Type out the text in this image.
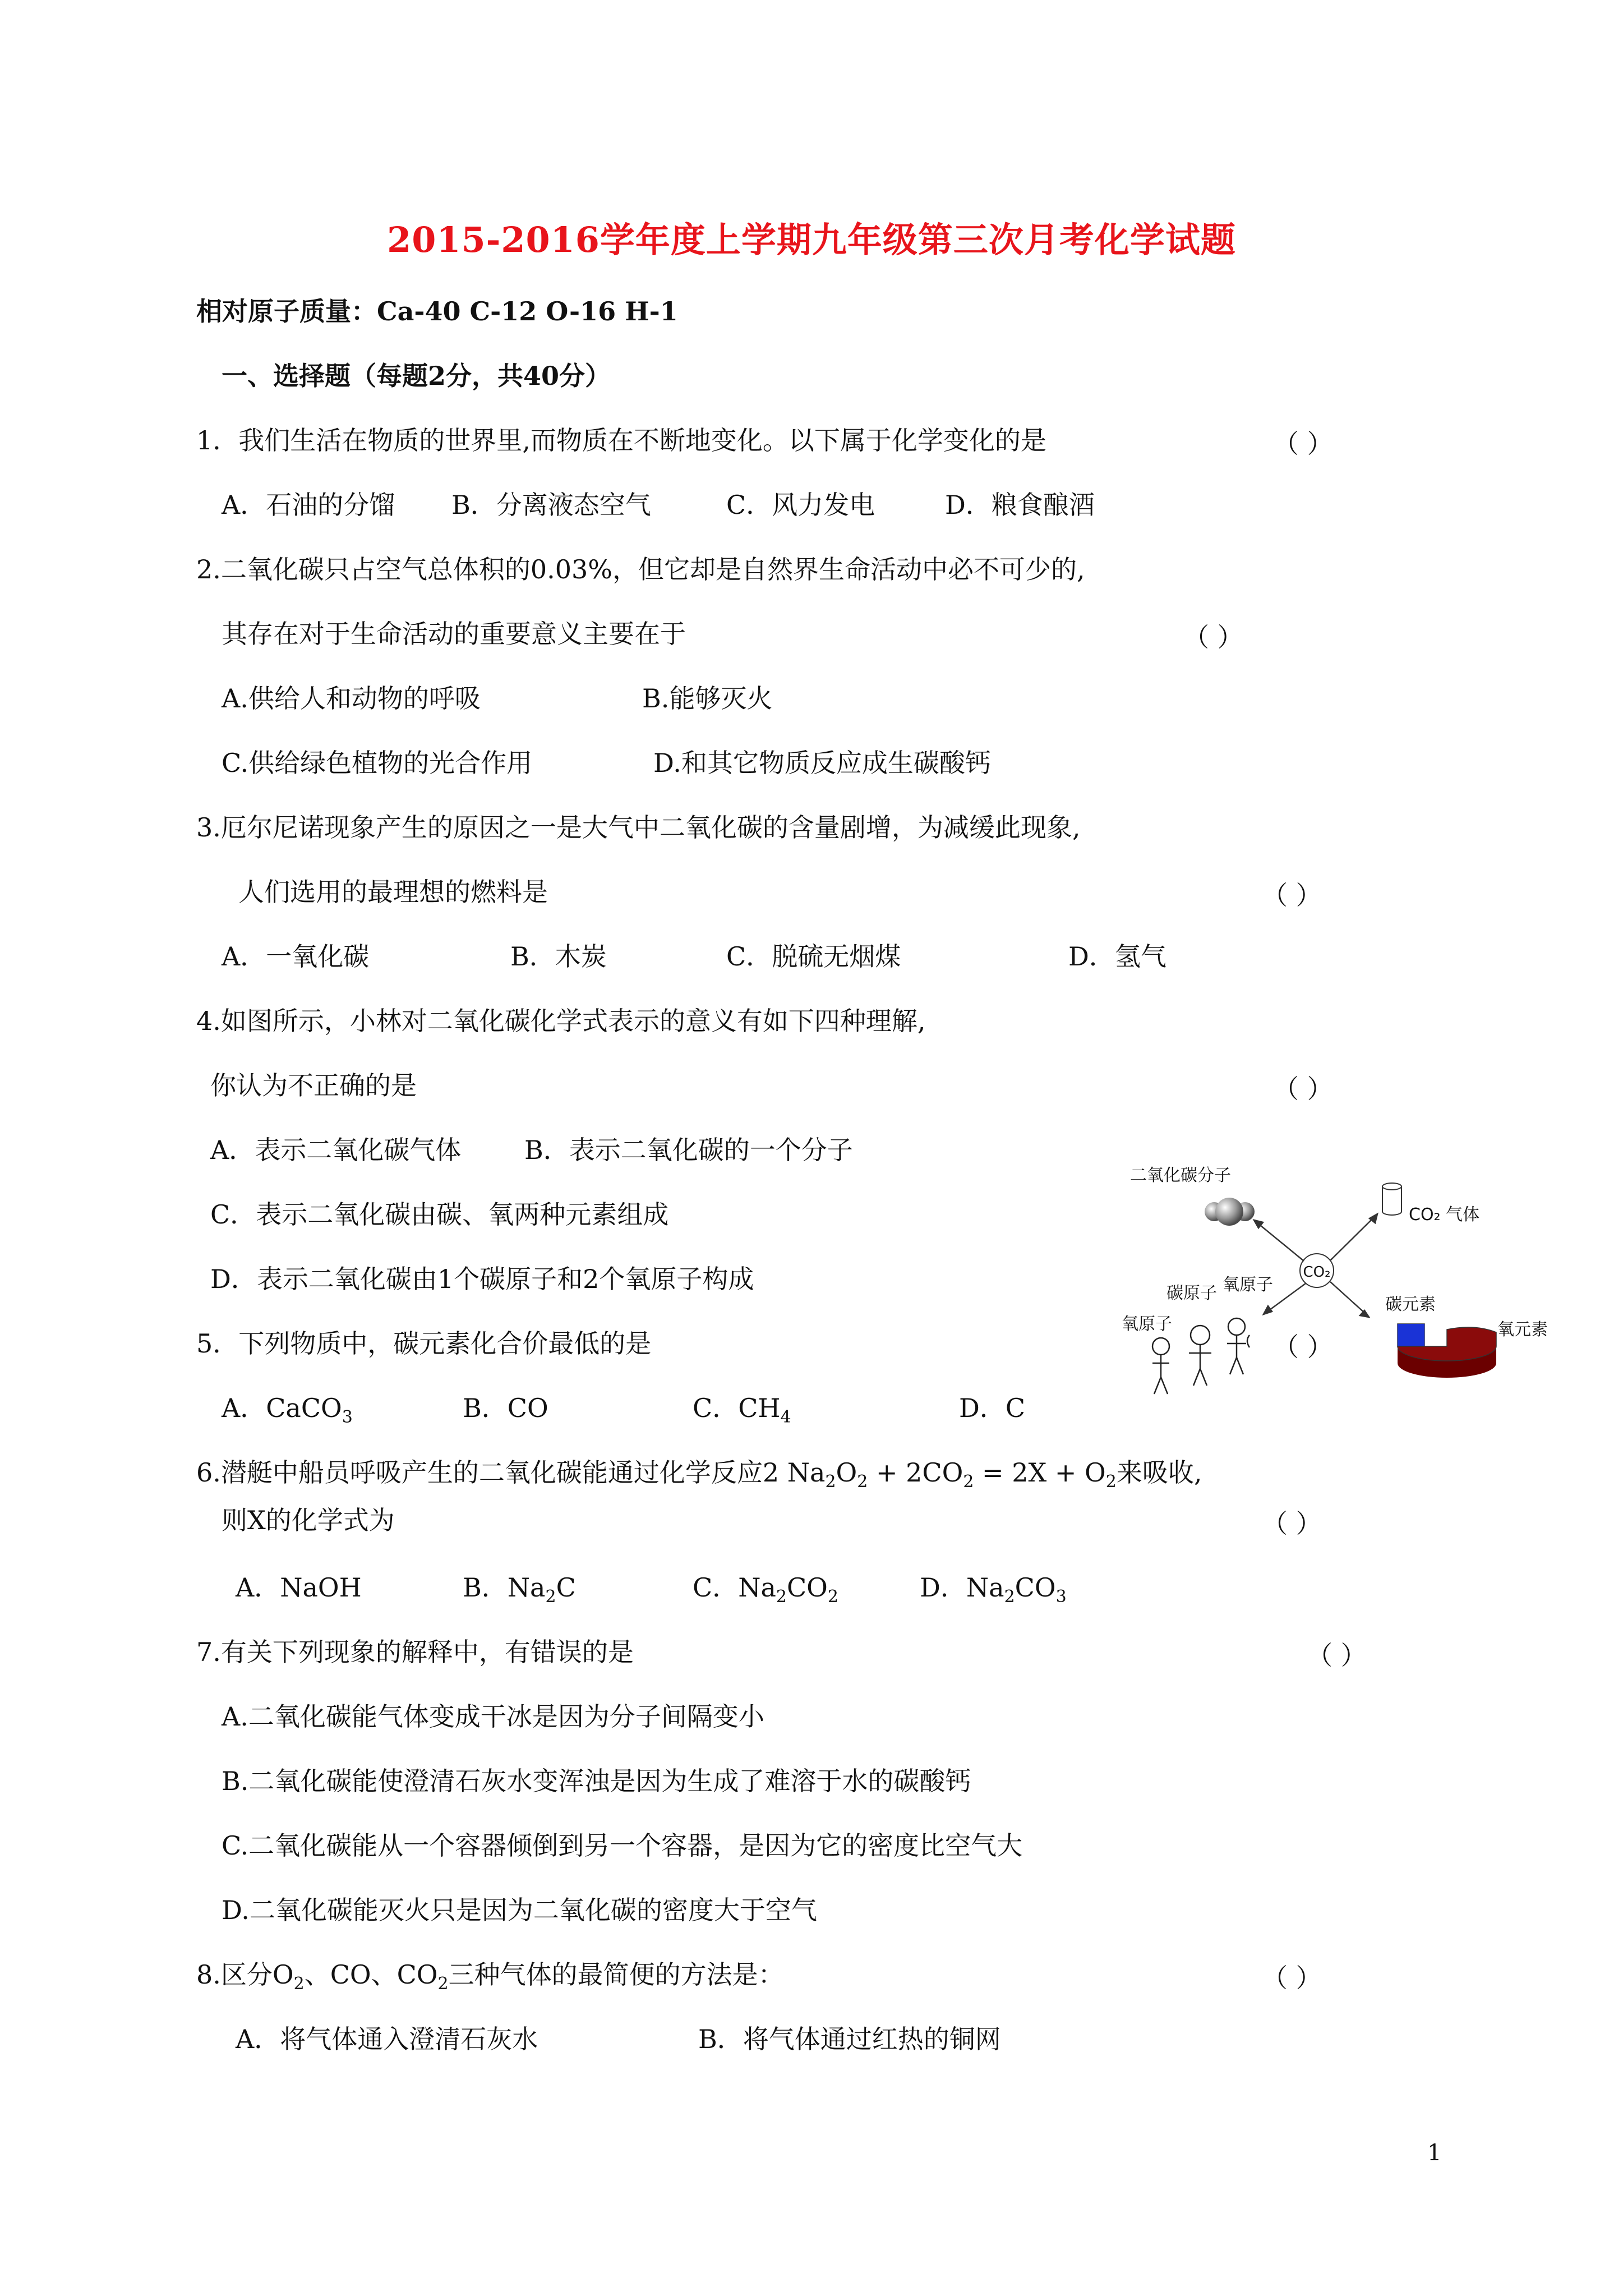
2015-2016学年度上学期九年级第三次月考化学试题
相对原子质量：Ca-40 C-12 O-16 H-1
一、选择题（每题2分，共40分）
1．我们生活在物质的世界里,而物质在不断地变化。以下属于化学变化的是	（ ）
A．石油的分馏 B．分离液态空气	C．风力发电	D．粮食酿酒
2.二氧化碳只占空气总体积的0.03%，但它却是自然界生命活动中必不可少的,
其存在对于生命活动的重要意义主要在于	（ ）
A.供给人和动物的呼吸	B.能够灭火
C.供给绿色植物的光合作用	D.和其它物质反应成生碳酸钙
3.厄尔尼诺现象产生的原因之一是大气中二氧化碳的含量剧增，为减缓此现象,
人们选用的最理想的燃料是	（ ）
A．一氧化碳	B．木炭	C．脱硫无烟煤	D．氢气
4.如图所示，小林对二氧化碳化学式表示的意义有如下四种理解,
你认为不正确的是	（ ）
A．表示二氧化碳气体 B．表示二氧化碳的一个分子
C．表示二氧化碳由碳、氧两种元素组成
D．表示二氧化碳由1个碳原子和2个氧原子构成
二氧化碳分子
CO₂ 气体
CO₂
碳原子 氧原子
氧原子
碳元素
氧元素
5．下列物质中，碳元素化合价最低的是	（ ）
A．CaCO$_3$	B．CO	C．$CH_4$	D．C
6.潜艇中船员呼吸产生的二氧化碳能通过化学反应2 $Na_2O_2 + 2CO_2 = 2X + O_2$来吸收,
则X的化学式为	（ ）
A．NaOH	B．$Na_2C$	C．$Na_2CO_2$	D．$Na_2CO_3$
7.有关下列现象的解释中，有错误的是	（ ）
A.二氧化碳能气体变成干冰是因为分子间隔变小
B.二氧化碳能使澄清石灰水变浑浊是因为生成了难溶于水的碳酸钙
C.二氧化碳能从一个容器倾倒到另一个容器，是因为它的密度比空气大
D.二氧化碳能灭火只是因为二氧化碳的密度大于空气
8.区分$O_2$、CO、$CO_2$三种气体的最简便的方法是：	（ ）
A．将气体通入澄清石灰水	B．将气体通过红热的铜网
1
